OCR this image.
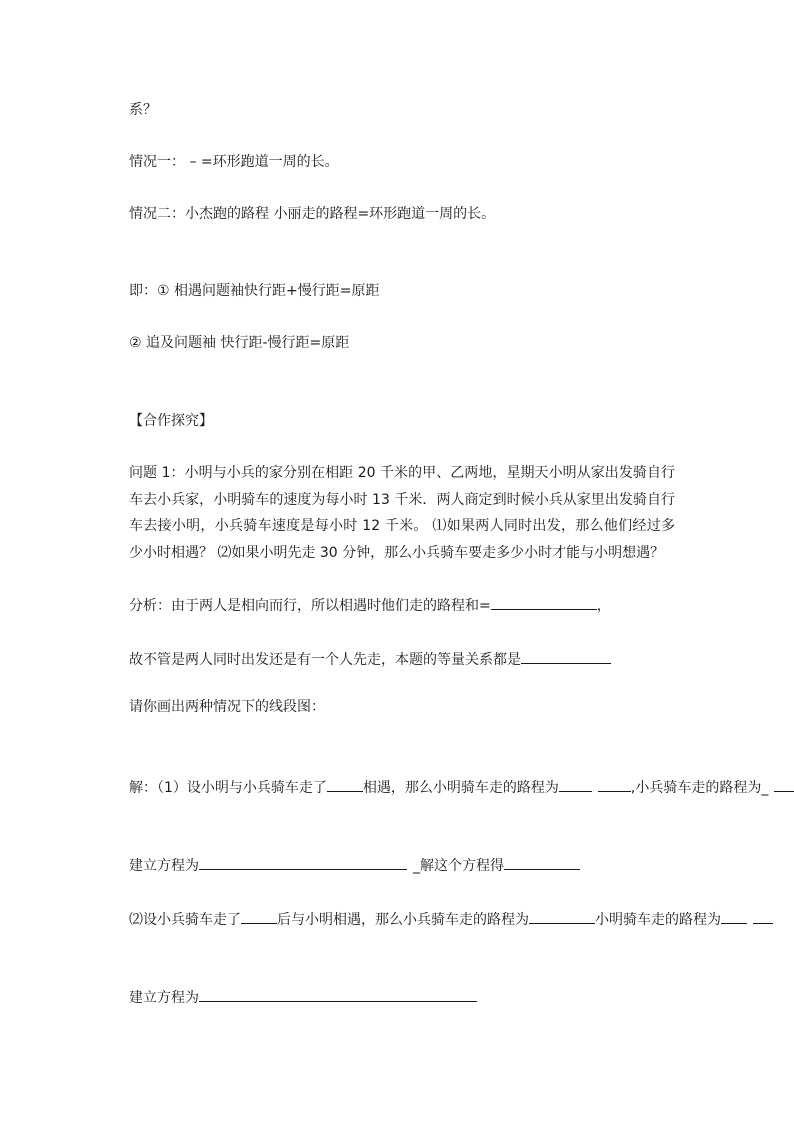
系？
情况一： – =环形跑道一周的长。
情况二：小杰跑的路程 小丽走的路程=环形跑道一周的长。
即：① 相遇问题袖快行距+慢行距=原距
② 追及问题袖 快行距-慢行距=原距
【合作探究】
问题 1：小明与小兵的家分别在相距 20 千米的甲、乙两地，星期天小明从家出发骑自行车去小兵家，小明骑车的速度为每小时 13 千米．两人商定到时候小兵从家里出发骑自行车去接小明，小兵骑车速度是每小时 12 千米。 ⑴如果两人同时出发，那么他们经过多少小时相遇？ ⑵如果小明先走 30 分钟，那么小兵骑车要走多少小时才能与小明想遇？
分析：由于两人是相向而行，所以相遇时他们走的路程和=	，
故不管是两人同时出发还是有一个人先走，本题的等量关系都是
请你画出两种情况下的线段图：
解：（1）设小明与小兵骑车走了	相遇，那么小明骑车走的路程为	,小兵骑车走的路程为_
建立方程为	_解这个方程得
⑵设小兵骑车走了	后与小明相遇，那么小兵骑车走的路程为	小明骑车走的路程为
建立方程为
